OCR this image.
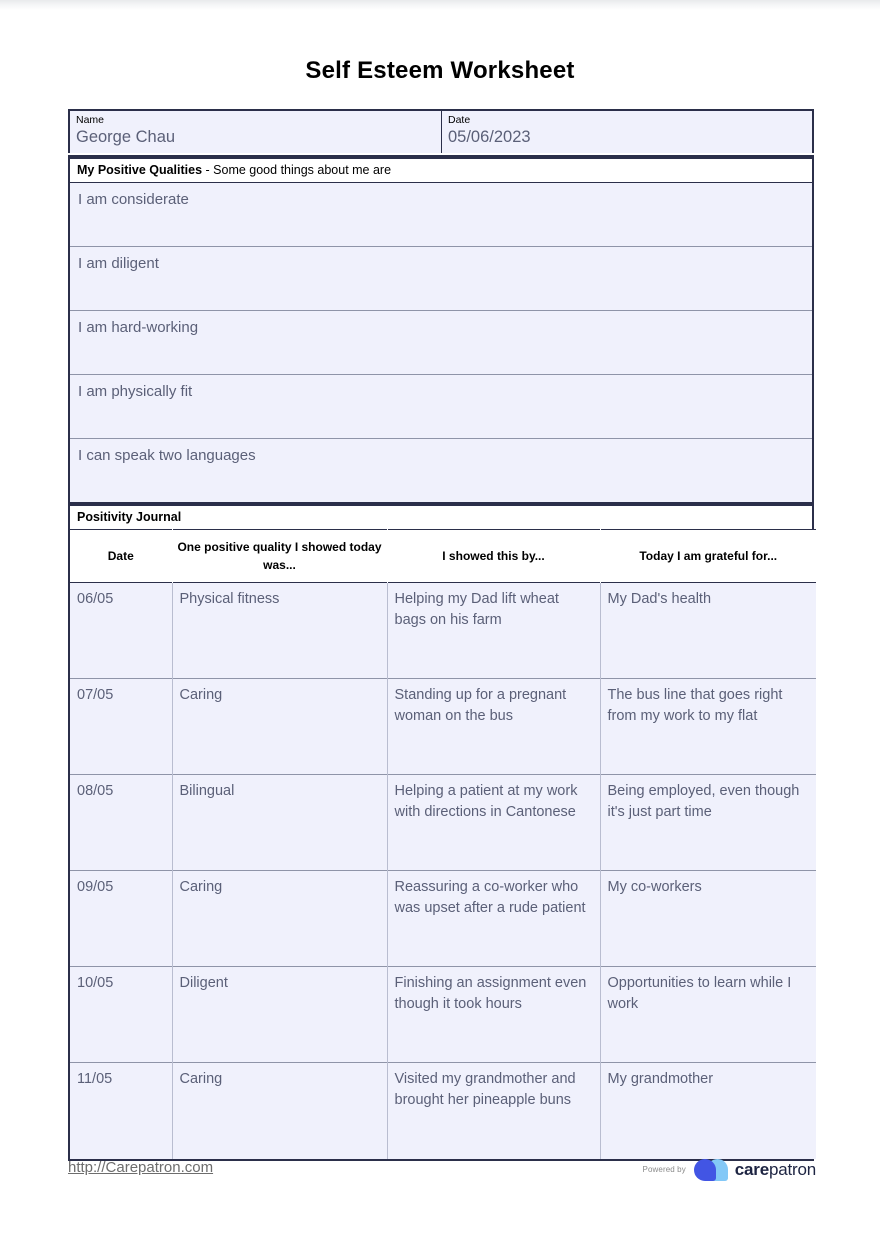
Self Esteem Worksheet
Name
George Chau
Date
05/06/2023
My Positive Qualities - Some good things about me are
I am considerate
I am diligent
I am hard-working
I am physically fit
I can speak two languages
Positivity Journal
Date	One positive quality I showed today was...	I showed this by...	Today I am grateful for...
06/05	Physical fitness	Helping my Dad lift wheat bags on his farm	My Dad's health
07/05	Caring	Standing up for a pregnant woman on the bus	The bus line that goes right from my work to my flat
08/05	Bilingual	Helping a patient at my work with directions in Cantonese	Being employed, even though it's just part time
09/05	Caring	Reassuring a co-worker who was upset after a rude patient	My co-workers
10/05	Diligent	Finishing an assignment even though it took hours	Opportunities to learn while I work
11/05	Caring	Visited my grandmother and brought her pineapple buns	My grandmother
http://Carepatron.com	Powered by	carepatron
